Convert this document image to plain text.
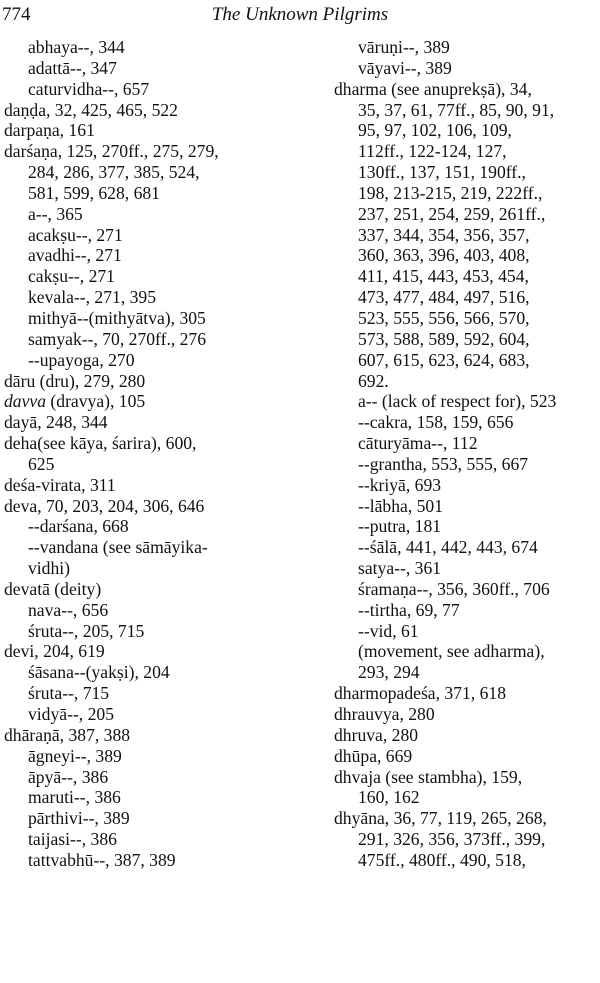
774	The Unknown Pilgrims
abhaya--, 344
adattā--, 347
caturvidha--, 657
daṇḍa, 32, 425, 465, 522
darpaṇa, 161
darśaṇa, 125, 270ff., 275, 279,
284, 286, 377, 385, 524,
581, 599, 628, 681
a--, 365
acakṣu--, 271
avadhi--, 271
cakṣu--, 271
kevala--, 271, 395
mithyā--(mithyātva), 305
samyak--, 70, 270ff., 276
--upayoga, 270
dāru (dru), 279, 280
davva (dravya), 105
dayā, 248, 344
deha(see kāya, śarira), 600,
625
deśa-virata, 311
deva, 70, 203, 204, 306, 646
--darśana, 668
--vandana (see sāmāyika-
vidhi)
devatā (deity)
nava--, 656
śruta--, 205, 715
devi, 204, 619
śāsana--(yakṣi), 204
śruta--, 715
vidyā--, 205
dhāraṇā, 387, 388
āgneyi--, 389
āpyā--, 386
maruti--, 386
pārthivi--, 389
taijasi--, 386
tattvabhū--, 387, 389
vāruṇi--, 389
vāyavi--, 389
dharma (see anuprekṣā), 34,
35, 37, 61, 77ff., 85, 90, 91,
95, 97, 102, 106, 109,
112ff., 122-124, 127,
130ff., 137, 151, 190ff.,
198, 213-215, 219, 222ff.,
237, 251, 254, 259, 261ff.,
337, 344, 354, 356, 357,
360, 363, 396, 403, 408,
411, 415, 443, 453, 454,
473, 477, 484, 497, 516,
523, 555, 556, 566, 570,
573, 588, 589, 592, 604,
607, 615, 623, 624, 683,
692.
a-- (lack of respect for), 523
--cakra, 158, 159, 656
cāturyāma--, 112
--grantha, 553, 555, 667
--kriyā, 693
--lābha, 501
--putra, 181
--śālā, 441, 442, 443, 674
satya--, 361
śramaṇa--, 356, 360ff., 706
--tirtha, 69, 77
--vid, 61
(movement, see adharma),
293, 294
dharmopadeśa, 371, 618
dhrauvya, 280
dhruva, 280
dhūpa, 669
dhvaja (see stambha), 159,
160, 162
dhyāna, 36, 77, 119, 265, 268,
291, 326, 356, 373ff., 399,
475ff., 480ff., 490, 518,
